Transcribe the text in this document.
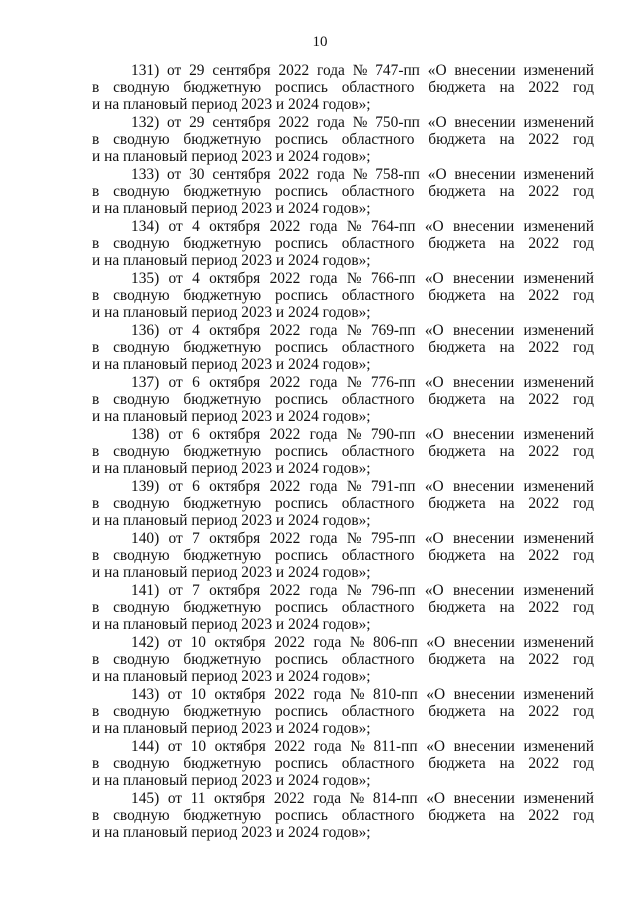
10
131) от 29 сентября 2022 года № 747-пп «О внесении изменений
в сводную бюджетную роспись областного бюджета на 2022 год
и на плановый период 2023 и 2024 годов»;
132) от 29 сентября 2022 года № 750-пп «О внесении изменений
в сводную бюджетную роспись областного бюджета на 2022 год
и на плановый период 2023 и 2024 годов»;
133) от 30 сентября 2022 года № 758-пп «О внесении изменений
в сводную бюджетную роспись областного бюджета на 2022 год
и на плановый период 2023 и 2024 годов»;
134) от 4 октября 2022 года № 764-пп «О внесении изменений
в сводную бюджетную роспись областного бюджета на 2022 год
и на плановый период 2023 и 2024 годов»;
135) от 4 октября 2022 года № 766-пп «О внесении изменений
в сводную бюджетную роспись областного бюджета на 2022 год
и на плановый период 2023 и 2024 годов»;
136) от 4 октября 2022 года № 769-пп «О внесении изменений
в сводную бюджетную роспись областного бюджета на 2022 год
и на плановый период 2023 и 2024 годов»;
137) от 6 октября 2022 года № 776-пп «О внесении изменений
в сводную бюджетную роспись областного бюджета на 2022 год
и на плановый период 2023 и 2024 годов»;
138) от 6 октября 2022 года № 790-пп «О внесении изменений
в сводную бюджетную роспись областного бюджета на 2022 год
и на плановый период 2023 и 2024 годов»;
139) от 6 октября 2022 года № 791-пп «О внесении изменений
в сводную бюджетную роспись областного бюджета на 2022 год
и на плановый период 2023 и 2024 годов»;
140) от 7 октября 2022 года № 795-пп «О внесении изменений
в сводную бюджетную роспись областного бюджета на 2022 год
и на плановый период 2023 и 2024 годов»;
141) от 7 октября 2022 года № 796-пп «О внесении изменений
в сводную бюджетную роспись областного бюджета на 2022 год
и на плановый период 2023 и 2024 годов»;
142) от 10 октября 2022 года № 806-пп «О внесении изменений
в сводную бюджетную роспись областного бюджета на 2022 год
и на плановый период 2023 и 2024 годов»;
143) от 10 октября 2022 года № 810-пп «О внесении изменений
в сводную бюджетную роспись областного бюджета на 2022 год
и на плановый период 2023 и 2024 годов»;
144) от 10 октября 2022 года № 811-пп «О внесении изменений
в сводную бюджетную роспись областного бюджета на 2022 год
и на плановый период 2023 и 2024 годов»;
145) от 11 октября 2022 года № 814-пп «О внесении изменений
в сводную бюджетную роспись областного бюджета на 2022 год
и на плановый период 2023 и 2024 годов»;
